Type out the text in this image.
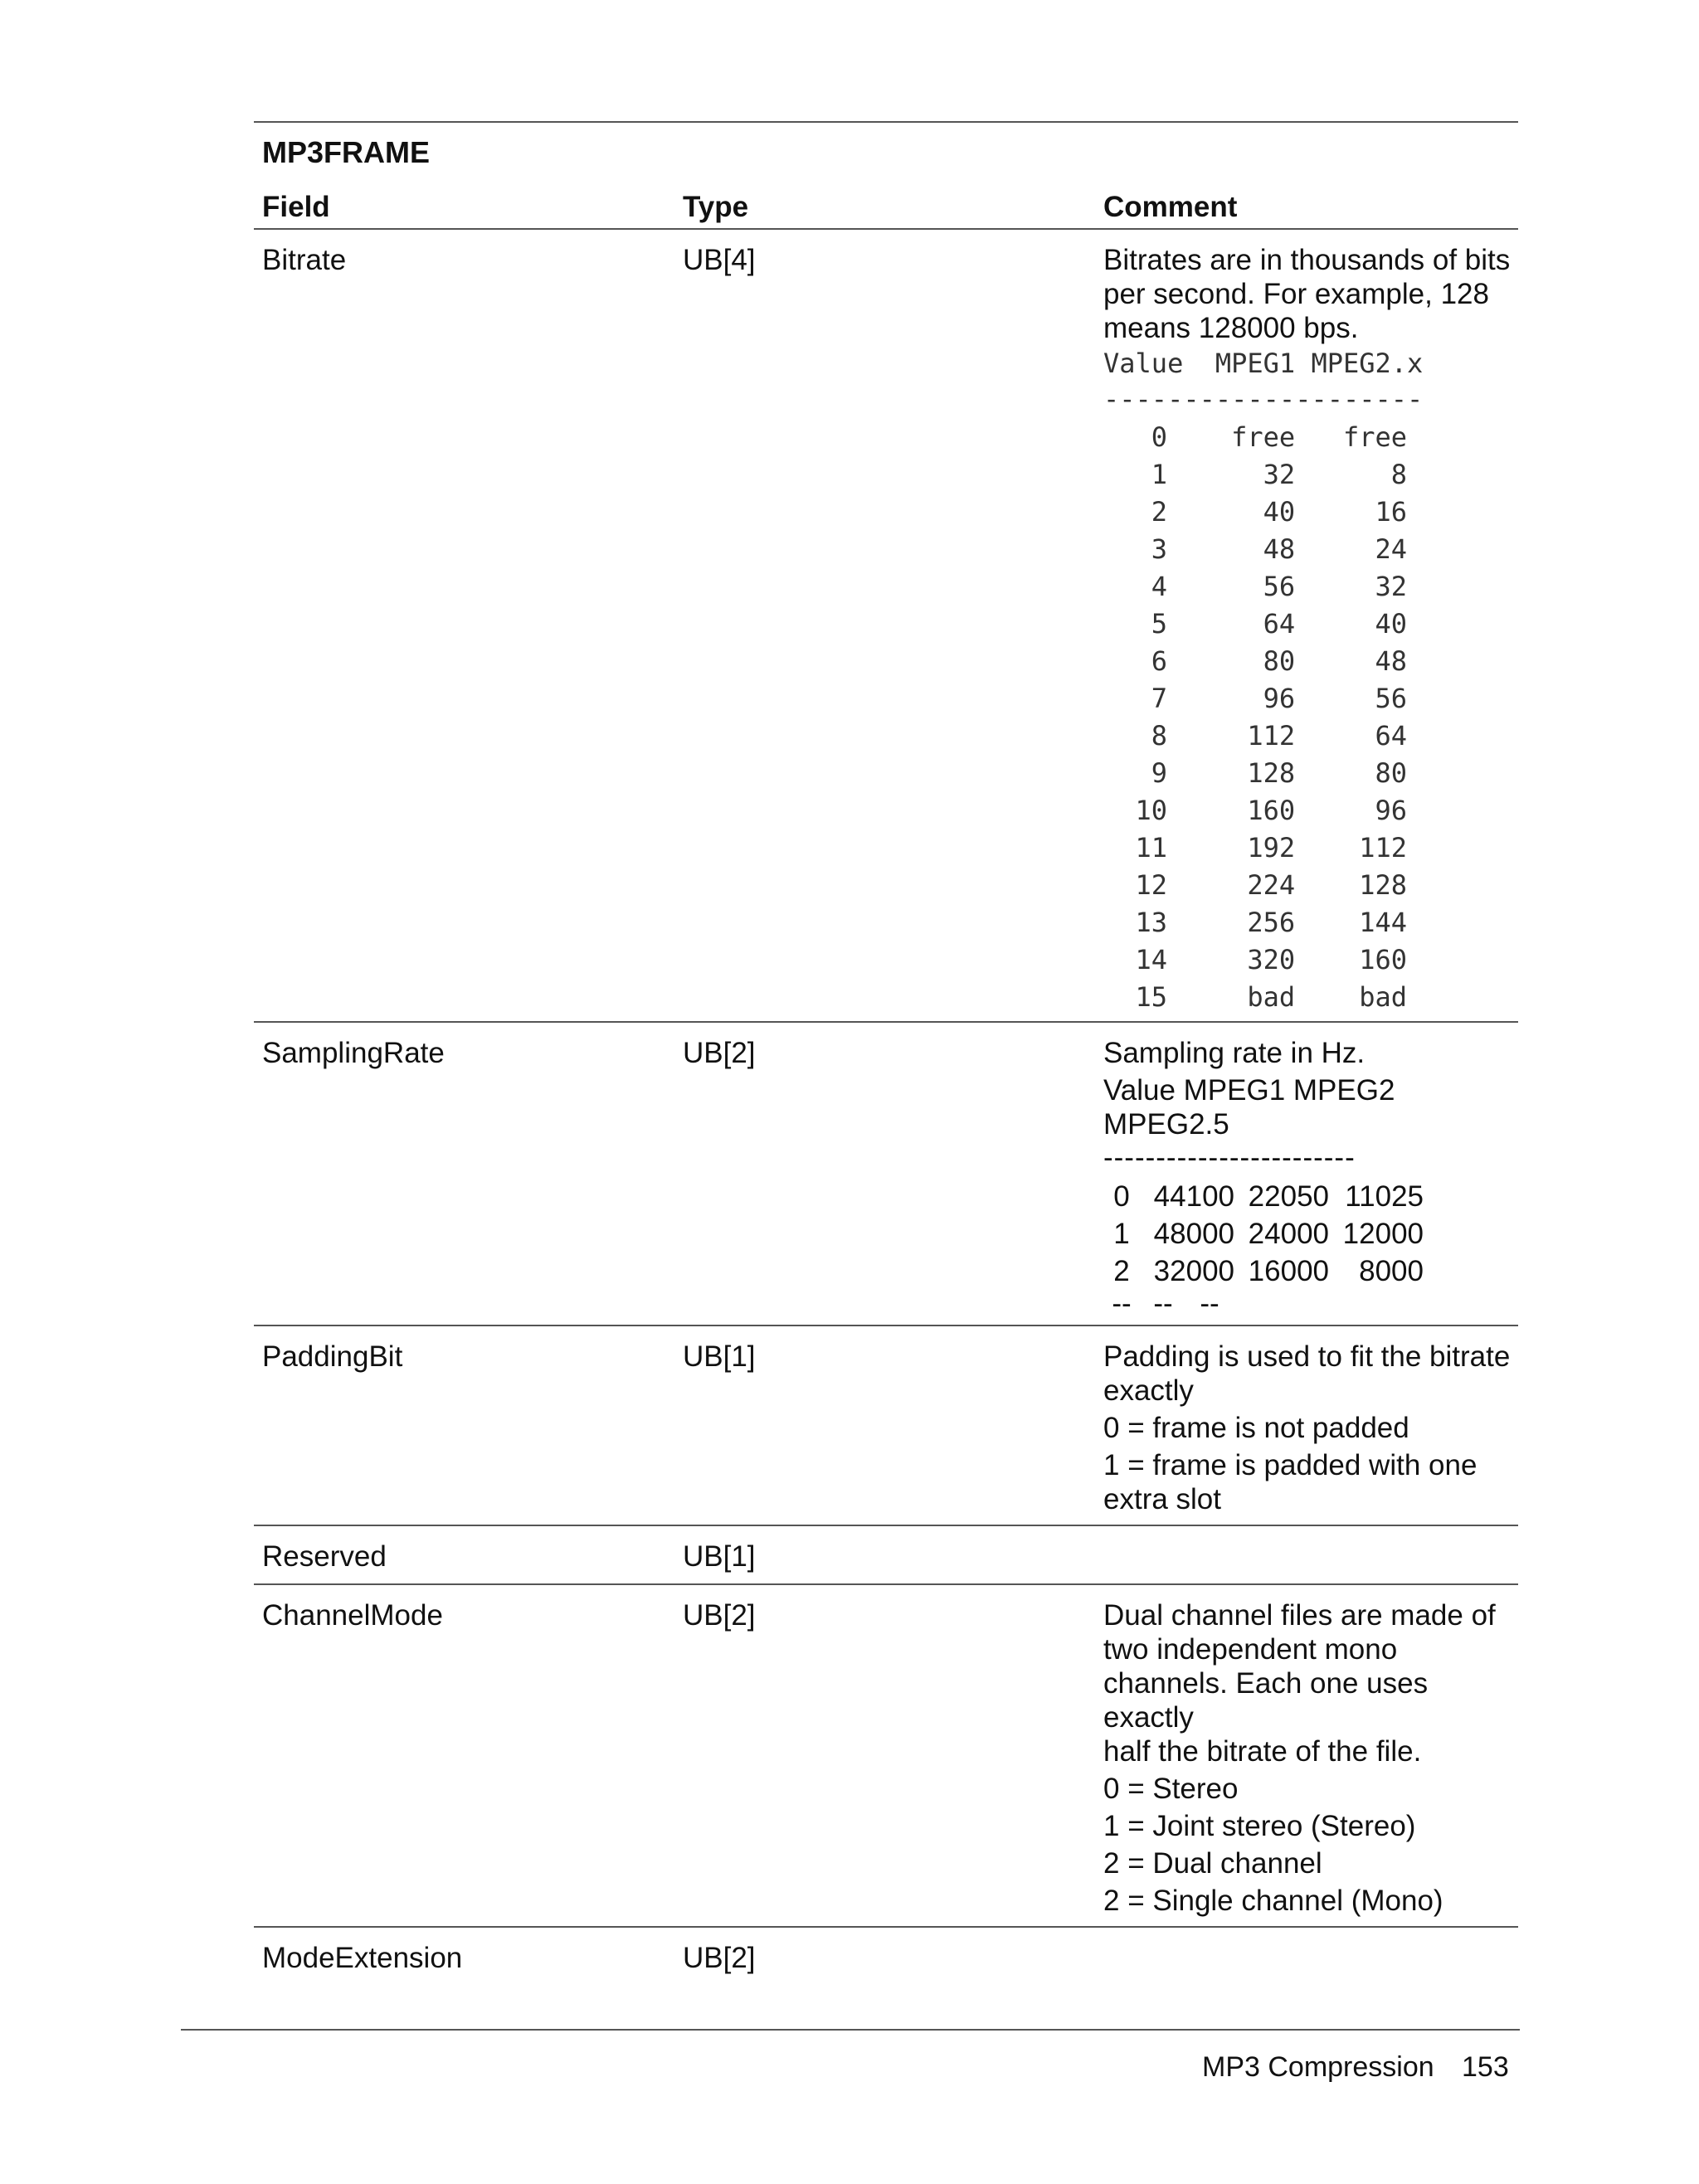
MP3FRAME
Field	Type	Comment
Bitrate	UB[4]	Bitrates are in thousands of bits
per second. For example, 128
means 128000 bps.
Value  MPEG1 MPEG2.x
--------------------
0	free	free
1	32	8
2	40	16
3	48	24
4	56	32
5	64	40
6	80	48
7	96	56
8	112	64
9	128	80
10	160	96
11	192	112
12	224	128
13	256	144
14	320	160
15	bad	bad
SamplingRate	UB[2]	Sampling rate in Hz.
Value MPEG1 MPEG2
MPEG2.5
------------------------
0 44100 22050 11025
1 48000 24000 12000
2 32000 16000	8000
-- -- --
PaddingBit	UB[1]	Padding is used to fit the bitrate
exactly
0 = frame is not padded
1 = frame is padded with one
extra slot
Reserved	UB[1]
ChannelMode	UB[2]	Dual channel files are made of
two independent mono
channels. Each one uses exactly
half the bitrate of the file.
0 = Stereo
1 = Joint stereo (Stereo)
2 = Dual channel
2 = Single channel (Mono)
ModeExtension	UB[2]
MP3 Compression 153
